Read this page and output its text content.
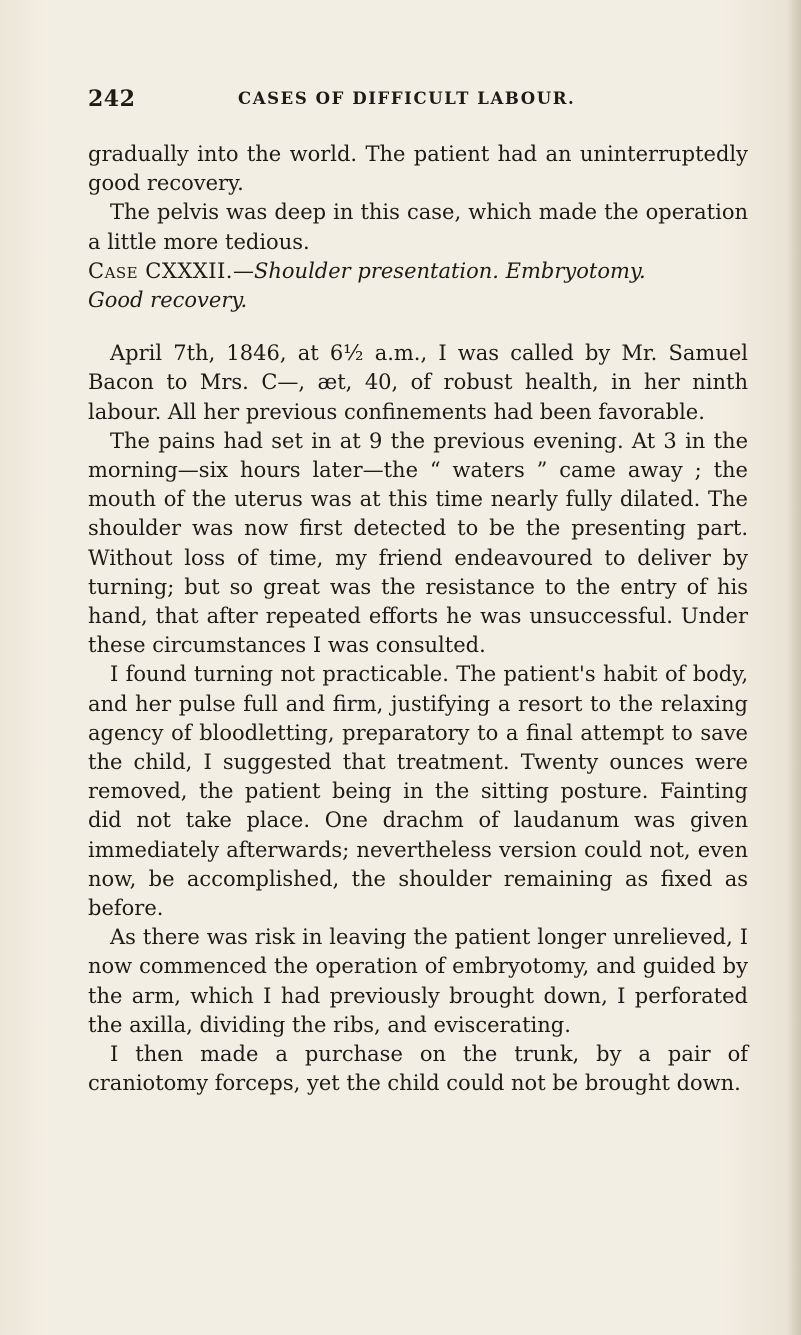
242	CASES OF DIFFICULT LABOUR.

gradually into the world. The patient had an uninterruptedly good recovery.

The pelvis was deep in this case, which made the operation a little more tedious.

Case CXXXII.—Shoulder presentation. Embryotomy.
Good recovery.

April 7th, 1846, at 6½ a.m., I was called by Mr. Samuel Bacon to Mrs. C—, æt, 40, of robust health, in her ninth labour. All her previous confinements had been favorable.

The pains had set in at 9 the previous evening. At 3 in the morning—six hours later—the “ waters ” came away ; the mouth of the uterus was at this time nearly fully dilated. The shoulder was now first detected to be the presenting part. Without loss of time, my friend endeavoured to deliver by turning; but so great was the resistance to the entry of his hand, that after repeated efforts he was unsuccessful. Under these circumstances I was consulted.

I found turning not practicable. The patient's habit of body, and her pulse full and firm, justifying a resort to the relaxing agency of bloodletting, preparatory to a final attempt to save the child, I suggested that treatment. Twenty ounces were removed, the patient being in the sitting posture. Fainting did not take place. One drachm of laudanum was given immediately afterwards; nevertheless version could not, even now, be accomplished, the shoulder remaining as fixed as before.

As there was risk in leaving the patient longer unrelieved, I now commenced the operation of embryotomy, and guided by the arm, which I had previously brought down, I perforated the axilla, dividing the ribs, and eviscerating.

I then made a purchase on the trunk, by a pair of craniotomy forceps, yet the child could not be brought down.
